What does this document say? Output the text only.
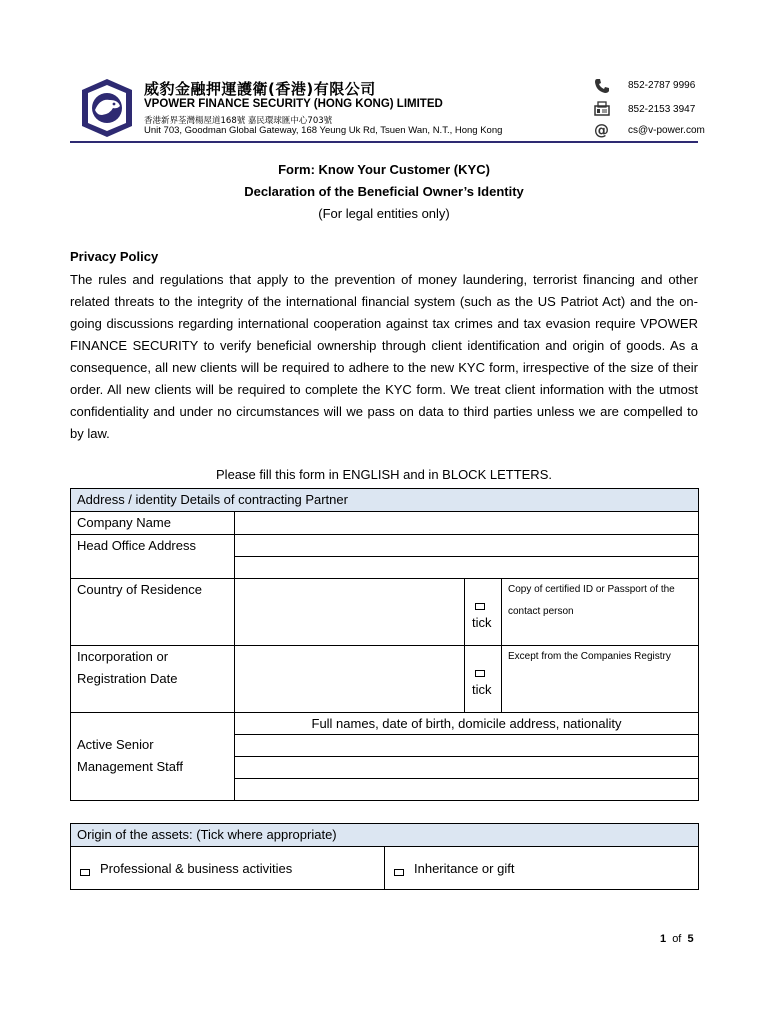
威豹金融押運護衛(香港)有限公司
VPOWER FINANCE SECURITY (HONG KONG) LIMITED
香港新界荃灣楊屋道168號 嘉民環球匯中心703號
Unit 703, Goodman Global Gateway, 168 Yeung Uk Rd, Tsuen Wan, N.T., Hong Kong
852-2787 9996
852-2153 3947
@ cs@v-power.com
Form: Know Your Customer (KYC)
Declaration of the Beneficial Owner’s Identity
(For legal entities only)
Privacy Policy
The rules and regulations that apply to the prevention of money laundering, terrorist financing and other related threats to the integrity of the international financial system (such as the US Patriot Act) and the on-going discussions regarding international cooperation against tax crimes and tax evasion require VPOWER FINANCE SECURITY to verify beneficial ownership through client identification and origin of goods. As a consequence, all new clients will be required to adhere to the new KYC form, irrespective of the size of their order. All new clients will be required to complete the KYC form. We treat client information with the utmost confidentiality and under no circumstances will we pass on data to third parties unless we are compelled to by law.
Please fill this form in ENGLISH and in BLOCK LETTERS.
Address / identity Details of contracting Partner
Company Name
Head Office Address
Country of Residence
tick
Copy of certified ID or Passport of the contact person
Incorporation or
Registration Date
tick
Except from the Companies Registry
Active Senior
Management Staff
Full names, date of birth, domicile address, nationality
Origin of the assets: (Tick where appropriate)
Professional & business activities	Inheritance or gift
1 of 5
